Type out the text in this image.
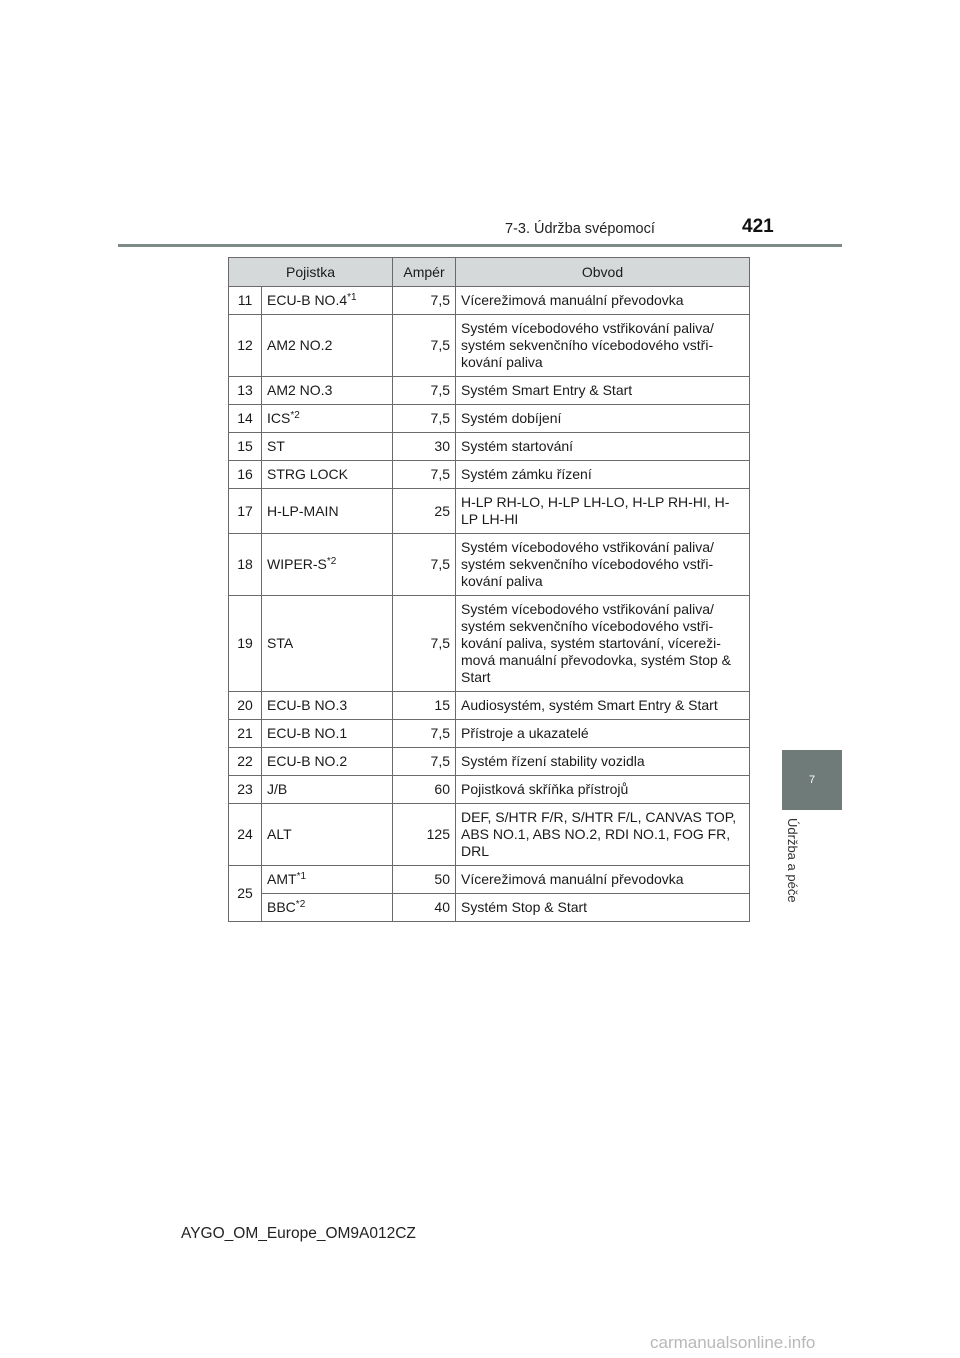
7-3. Údržba svépomocí	421
7
Údržba a péče
Pojistka		Ampér	Obvod
11	ECU-B NO.4$^{*1}$	7,5	Vícerežimová manuální převodovka
12	AM2 NO.2	7,5	Systém vícebodového vstřikování paliva/ systém sekvenčního vícebodového vstři-kování paliva
13	AM2 NO.3	7,5	Systém Smart Entry & Start
14	ICS$^{*2}$	7,5	Systém dobíjení
15	ST	30	Systém startování
16	STRG LOCK	7,5	Systém zámku řízení
17	H-LP-MAIN	25	H-LP RH-LO, H-LP LH-LO, H-LP RH-HI, H-LP LH-HI
18	WIPER-S$^{*2}$	7,5	Systém vícebodového vstřikování paliva/ systém sekvenčního vícebodového vstři-kování paliva
19	STA	7,5	Systém vícebodového vstřikování paliva/ systém sekvenčního vícebodového vstři-kování paliva, systém startování, vícereži-mová manuální převodovka, systém Stop & Start
20	ECU-B NO.3	15	Audiosystém, systém Smart Entry & Start
21	ECU-B NO.1	7,5	Přístroje a ukazatelé
22	ECU-B NO.2	7,5	Systém řízení stability vozidla
23	J/B	60	Pojistková skříňka přístrojů
24	ALT	125	DEF, S/HTR F/R, S/HTR F/L, CANVAS TOP, ABS NO.1, ABS NO.2, RDI NO.1, FOG FR, DRL
25	AMT$^{*1}$	50	Vícerežimová manuální převodovka
	BBC$^{*2}$	40	Systém Stop & Start
AYGO_OM_Europe_OM9A012CZ
carmanualsonline.info
